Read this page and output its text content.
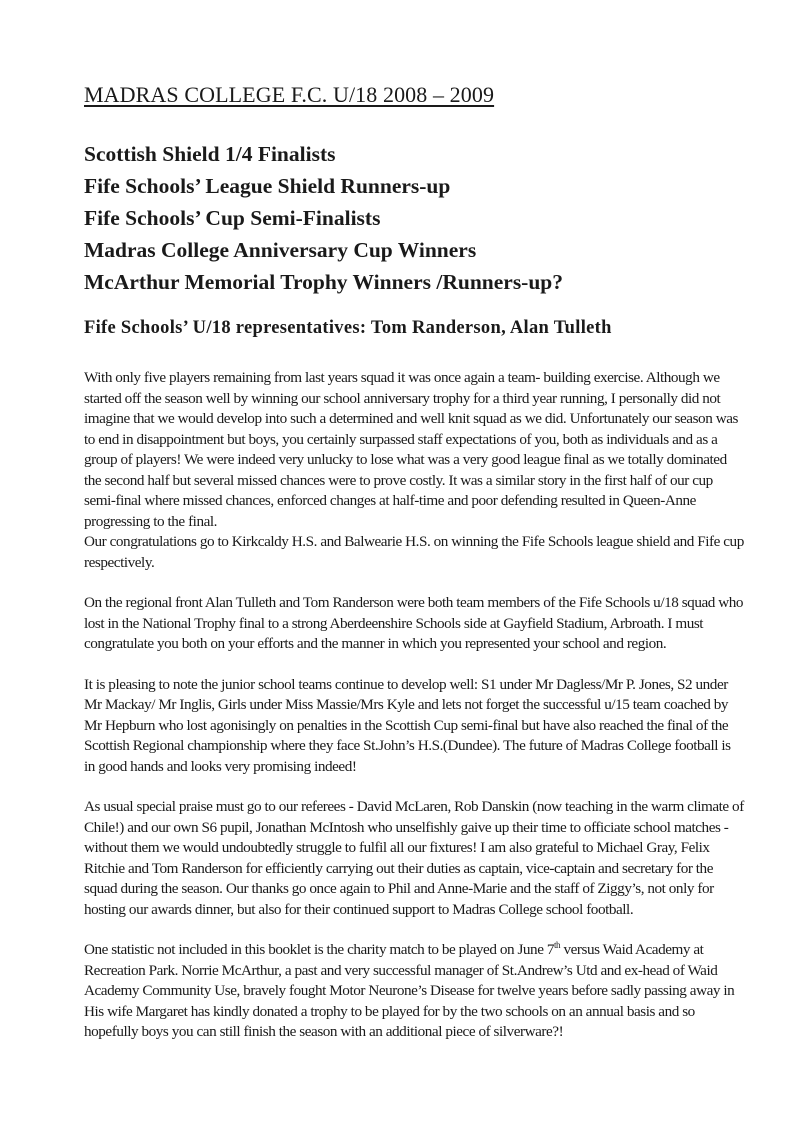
MADRAS COLLEGE F.C. U/18 2008 – 2009
Scottish Shield 1/4 Finalists
Fife Schools’ League Shield Runners-up
Fife Schools’ Cup Semi-Finalists
Madras College Anniversary Cup Winners
McArthur Memorial Trophy Winners /Runners-up?
Fife Schools’ U/18 representatives: Tom Randerson, Alan Tulleth

With only five players remaining from last years squad it was once again a team- building exercise. Although we started off the season well by winning our school anniversary trophy for a third year running, I personally did not imagine that we would develop into such a determined and well knit squad as we did. Unfortunately our season was to end in disappointment but boys, you certainly surpassed staff expectations of you, both as individuals and as a group of players! We were indeed very unlucky to lose what was a very good league final as we totally dominated the second half but several missed chances were to prove costly. It was a similar story in the first half of our cup semi-final where missed chances, enforced changes at half-time and poor defending resulted in Queen-Anne progressing to the final.
Our congratulations go to Kirkcaldy H.S. and Balwearie H.S. on winning the Fife Schools league shield and Fife cup respectively.

On the regional front Alan Tulleth and Tom Randerson were both team members of the Fife Schools u/18 squad who lost in the National Trophy final to a strong Aberdeenshire Schools side at Gayfield Stadium, Arbroath. I must congratulate you both on your efforts and the manner in which you represented your school and region.

It is pleasing to note the junior school teams continue to develop well: S1 under Mr Dagless/Mr P. Jones, S2 under Mr Mackay/ Mr Inglis, Girls under Miss Massie/Mrs Kyle and lets not forget the successful u/15 team coached by Mr Hepburn who lost agonisingly on penalties in the Scottish Cup semi-final but have also reached the final of the Scottish Regional championship where they face St.John’s H.S.(Dundee). The future of Madras College football is in good hands and looks very promising indeed!

As usual special praise must go to our referees - David McLaren, Rob Danskin (now teaching in the warm climate of Chile!) and our own S6 pupil, Jonathan McIntosh who unselfishly gaive up their time to officiate school matches - without them we would undoubtedly struggle to fulfil all our fixtures! I am also grateful to Michael Gray, Felix Ritchie and Tom Randerson for efficiently carrying out their duties as captain, vice-captain and secretary for the squad during the season. Our thanks go once again to Phil and Anne-Marie and the staff of Ziggy’s, not only for hosting our awards dinner, but also for their continued support to Madras College school football.

One statistic not included in this booklet is the charity match to be played on June 7th versus Waid Academy at Recreation Park. Norrie McArthur, a past and very successful manager of St.Andrew’s Utd and ex-head of Waid Academy Community Use, bravely fought Motor Neurone’s Disease for twelve years before sadly passing away in His wife Margaret has kindly donated a trophy to be played for by the two schools on an annual basis and so hopefully boys you can still finish the season with an additional piece of silverware?!
